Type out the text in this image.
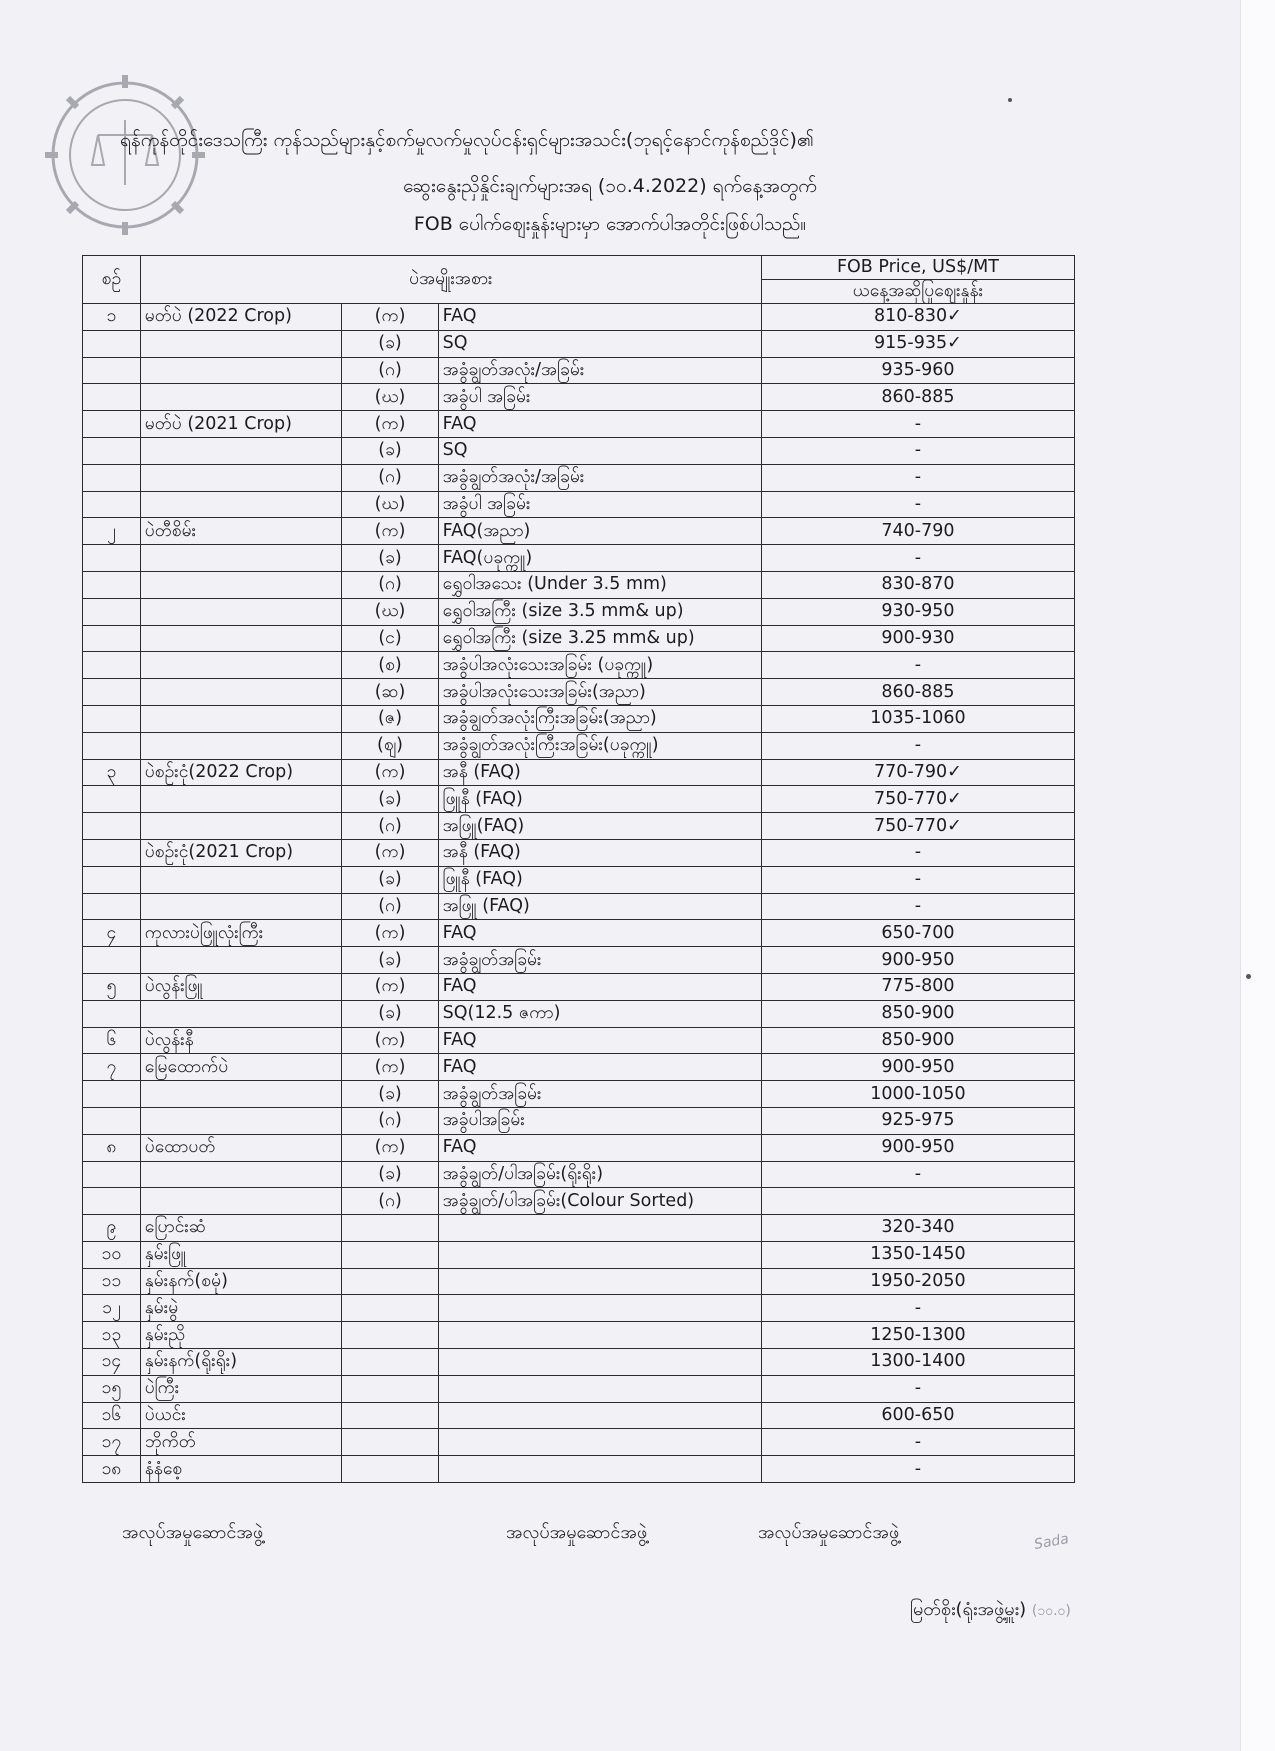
ရန်ကုန်တိုင်းဒေသကြီး ကုန်သည်များနှင့်စက်မှုလက်မှုလုပ်ငန်းရှင်များအသင်း(ဘုရင့်နောင်ကုန်စည်ဒိုင်)၏
ဆွေးနွေးညှိနှိုင်းချက်များအရ (၁၀.4.2022) ရက်နေ့အတွက်
FOB ပေါက်ဈေးနှုန်းများမှာ အောက်ပါအတိုင်းဖြစ်ပါသည်။
စဉ်	ပဲအမျိုးအစား			FOB Price, US$/MT
				ယနေ့အဆိုပြုဈေးနှုန်း
၁	မတ်ပဲ (2022 Crop)	(က)	FAQ	810-830✓
		(ခ)	SQ	915-935✓
		(ဂ)	အခွံချွတ်အလုံး/အခြမ်း	935-960
		(ဃ)	အခွံပါ အခြမ်း	860-885
	မတ်ပဲ (2021 Crop)	(က)	FAQ	-
		(ခ)	SQ	-
		(ဂ)	အခွံချွတ်အလုံး/အခြမ်း	-
		(ဃ)	အခွံပါ အခြမ်း	-
၂	ပဲတီစိမ်း	(က)	FAQ(အညာ)	740-790
		(ခ)	FAQ(ပခုက္ကူ)	-
		(ဂ)	ရွှေဝါအသေး (Under 3.5 mm)	830-870
		(ဃ)	ရွှေဝါအကြီး (size 3.5 mm& up)	930-950
		(င)	ရွှေဝါအကြီး (size 3.25 mm& up)	900-930
		(စ)	အခွံပါအလုံးသေးအခြမ်း (ပခုက္ကူ)	-
		(ဆ)	အခွံပါအလုံးသေးအခြမ်း(အညာ)	860-885
		(ဇ)	အခွံချွတ်အလုံးကြီးအခြမ်း(အညာ)	1035-1060
		(ဈ)	အခွံချွတ်အလုံးကြီးအခြမ်း(ပခုက္ကူ)	-
၃	ပဲစဉ်းငုံ(2022 Crop)	(က)	အနီ (FAQ)	770-790✓
		(ခ)	ဖြူနီ (FAQ)	750-770✓
		(ဂ)	အဖြူ(FAQ)	750-770✓
	ပဲစဉ်းငုံ(2021 Crop)	(က)	အနီ (FAQ)	-
		(ခ)	ဖြူနီ (FAQ)	-
		(ဂ)	အဖြူ (FAQ)	-
၄	ကုလားပဲဖြူလုံးကြီး	(က)	FAQ	650-700
		(ခ)	အခွံချွတ်အခြမ်း	900-950
၅	ပဲလွန်းဖြူ	(က)	FAQ	775-800
		(ခ)	SQ(12.5 ဇကာ)	850-900
၆	ပဲလွန်းနီ	(က)	FAQ	850-900
၇	မြေထောက်ပဲ	(က)	FAQ	900-950
		(ခ)	အခွံချွတ်အခြမ်း	1000-1050
		(ဂ)	အခွံပါအခြမ်း	925-975
၈	ပဲထောပတ်	(က)	FAQ	900-950
		(ခ)	အခွံချွတ်/ပါအခြမ်း(ရိုးရိုး)	-
		(ဂ)	အခွံချွတ်/ပါအခြမ်း(Colour Sorted)	
၉	ပြောင်းဆံ			320-340
၁၀	နှမ်းဖြူ			1350-1450
၁၁	နှမ်းနက်(စမုံ)			1950-2050
၁၂	နှမ်းမွဲ			-
၁၃	နှမ်းညို			1250-1300
၁၄	နှမ်းနက်(ရိုးရိုး)			1300-1400
၁၅	ပဲကြီး			-
၁၆	ပဲယင်း			600-650
၁၇	ဘိုကိတ်			-
၁၈	နံနံစေ့			-
အလုပ်အမှုဆောင်အဖွဲ့	အလုပ်အမှုဆောင်အဖွဲ့	အလုပ်အမှုဆောင်အဖွဲ့	Sada
မြတ်စိုး(ရုံးအဖွဲ့မှူး) (၁၀.၀)
